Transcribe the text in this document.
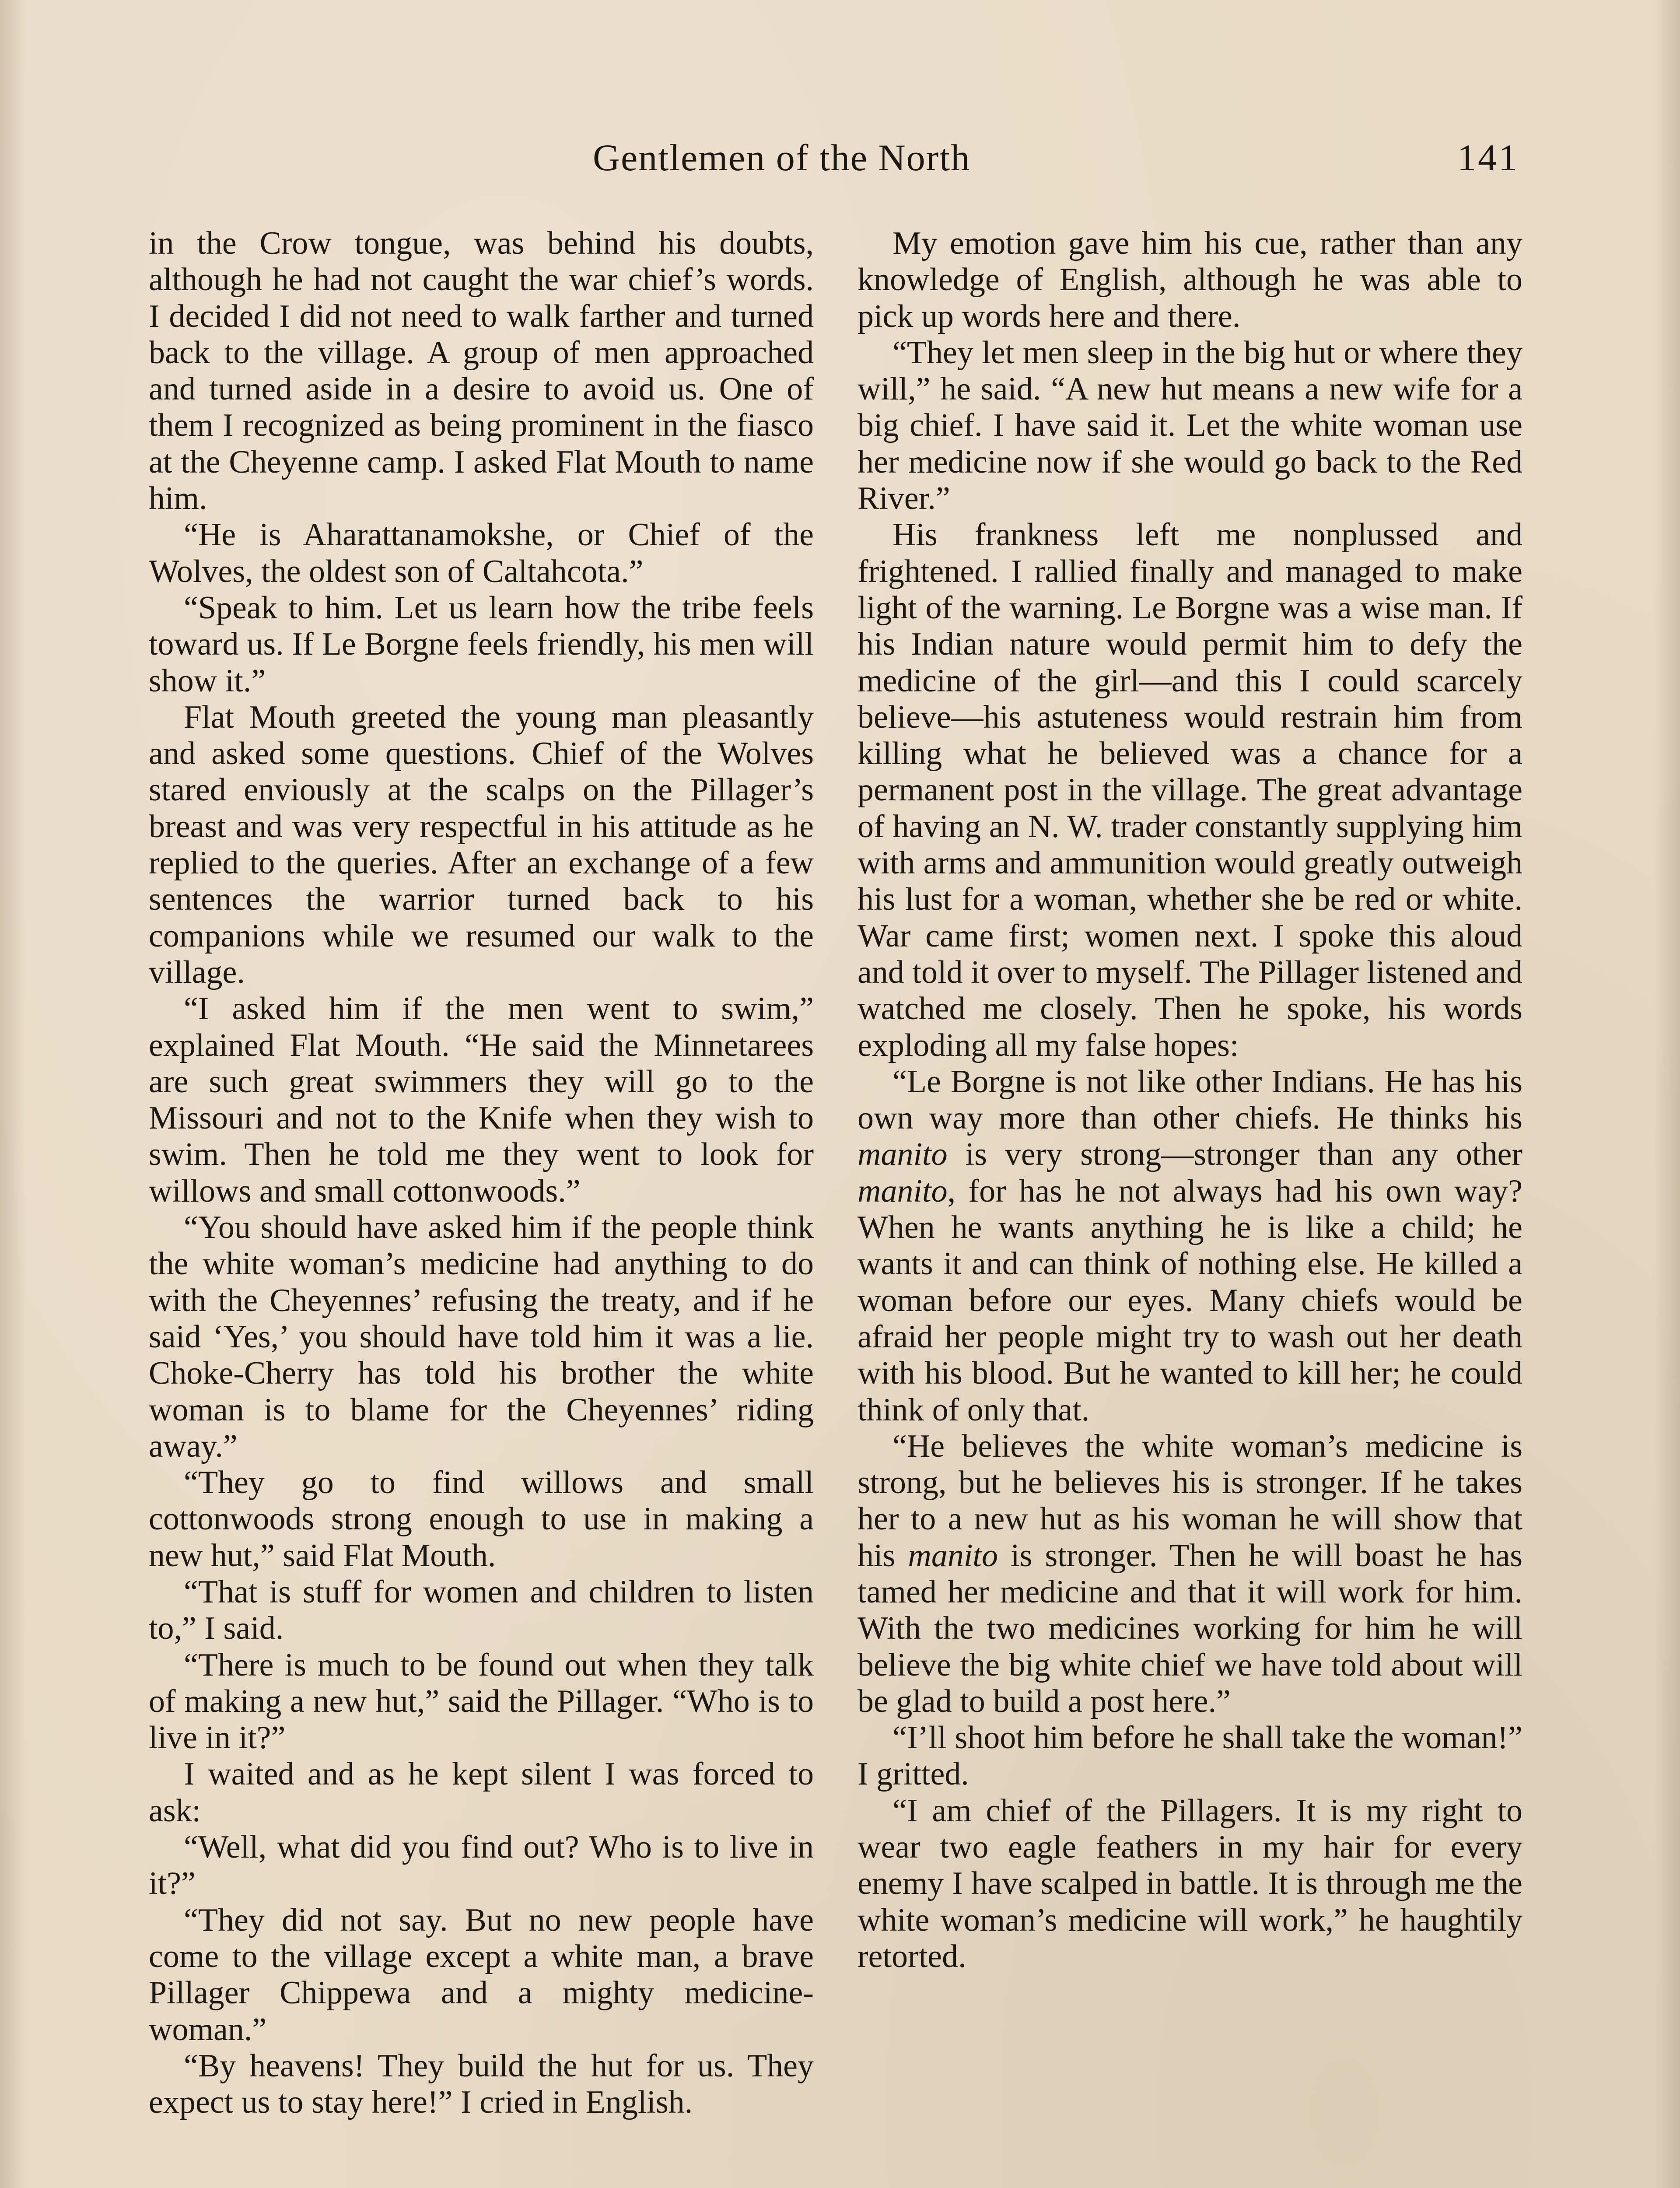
Gentlemen of the North	141

in the Crow tongue, was behind his doubts, although he had not caught the war chief’s words. I decided I did not need to walk farther and turned back to the village. A group of men approached and turned aside in a desire to avoid us. One of them I recognized as being prominent in the fiasco at the Cheyenne camp. I asked Flat Mouth to name him.

“He is Aharattanamokshe, or Chief of the Wolves, the oldest son of Caltahcota.”

“Speak to him. Let us learn how the tribe feels toward us. If Le Borgne feels friendly, his men will show it.”

Flat Mouth greeted the young man pleasantly and asked some questions. Chief of the Wolves stared enviously at the scalps on the Pillager’s breast and was very respectful in his attitude as he replied to the queries. After an exchange of a few sentences the warrior turned back to his companions while we resumed our walk to the village.

“I asked him if the men went to swim,” explained Flat Mouth. “He said the Minnetarees are such great swimmers they will go to the Missouri and not to the Knife when they wish to swim. Then he told me they went to look for willows and small cottonwoods.”

“You should have asked him if the people think the white woman’s medicine had anything to do with the Cheyennes’ refusing the treaty, and if he said ‘Yes,’ you should have told him it was a lie. Choke-Cherry has told his brother the white woman is to blame for the Cheyennes’ riding away.”

“They go to find willows and small cottonwoods strong enough to use in making a new hut,” said Flat Mouth.

“That is stuff for women and children to listen to,” I said.

“There is much to be found out when they talk of making a new hut,” said the Pillager. “Who is to live in it?”

I waited and as he kept silent I was forced to ask:

“Well, what did you find out? Who is to live in it?”

“They did not say. But no new people have come to the village except a white man, a brave Pillager Chippewa and a mighty medicine-woman.”

“By heavens! They build the hut for us. They expect us to stay here!” I cried in English.

My emotion gave him his cue, rather than any knowledge of English, although he was able to pick up words here and there.

“They let men sleep in the big hut or where they will,” he said. “A new hut means a new wife for a big chief. I have said it. Let the white woman use her medicine now if she would go back to the Red River.”

His frankness left me nonplussed and frightened. I rallied finally and managed to make light of the warning. Le Borgne was a wise man. If his Indian nature would permit him to defy the medicine of the girl—and this I could scarcely believe—his astuteness would restrain him from killing what he believed was a chance for a permanent post in the village. The great advantage of having an N. W. trader constantly supplying him with arms and ammunition would greatly outweigh his lust for a woman, whether she be red or white. War came first; women next. I spoke this aloud and told it over to myself. The Pillager listened and watched me closely. Then he spoke, his words exploding all my false hopes:

“Le Borgne is not like other Indians. He has his own way more than other chiefs. He thinks his manito is very strong—stronger than any other manito, for has he not always had his own way? When he wants anything he is like a child; he wants it and can think of nothing else. He killed a woman before our eyes. Many chiefs would be afraid her people might try to wash out her death with his blood. But he wanted to kill her; he could think of only that.

“He believes the white woman’s medicine is strong, but he believes his is stronger. If he takes her to a new hut as his woman he will show that his manito is stronger. Then he will boast he has tamed her medicine and that it will work for him. With the two medicines working for him he will believe the big white chief we have told about will be glad to build a post here.”

“I’ll shoot him before he shall take the woman!” I gritted.

“I am chief of the Pillagers. It is my right to wear two eagle feathers in my hair for every enemy I have scalped in battle. It is through me the white woman’s medicine will work,” he haughtily retorted.
